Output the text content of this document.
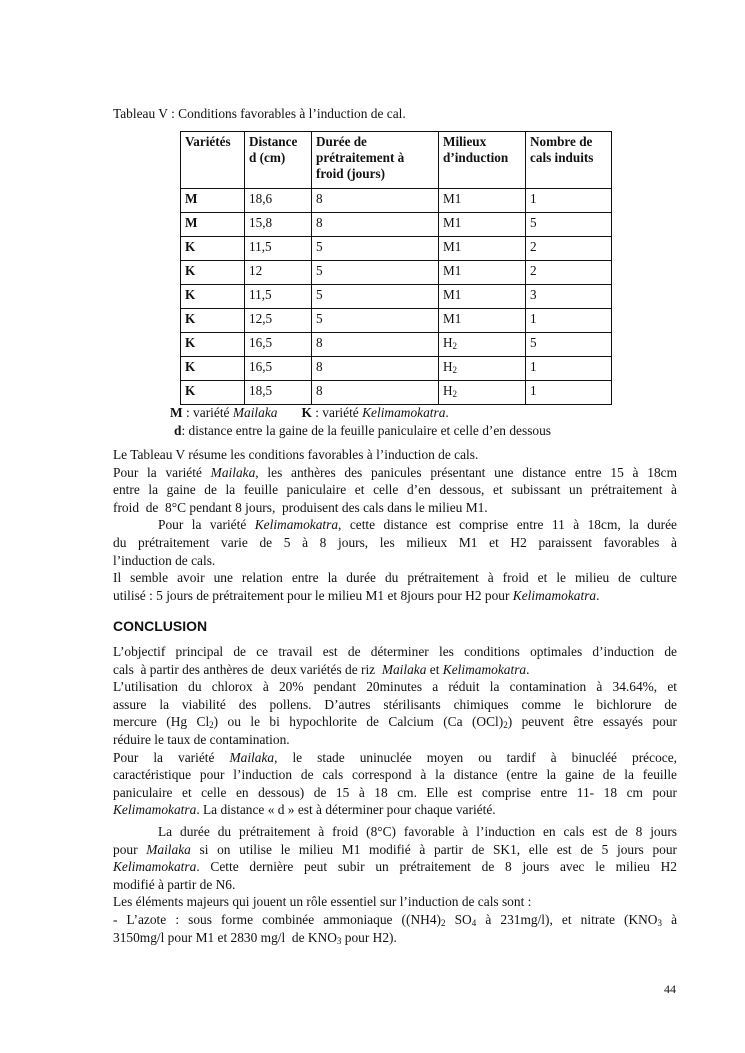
Tableau V : Conditions favorables à l’induction de cal.
Variétés	Distance d (cm)	Durée de prétraitement à froid (jours)	Milieux d’induction	Nombre de cals induits
M	18,6	8	M1	1
M	15,8	8	M1	5
K	11,5	5	M1	2
K	12	5	M1	2
K	11,5	5	M1	3
K	12,5	5	M1	1
K	16,5	8	$H_2$	5
K	16,5	8	$H_2$	1
K	18,5	8	$H_2$	1
M : variété Mailaka K : variété Kelimamokatra.
d: distance entre la gaine de la feuille paniculaire et celle d’en dessous
Le Tableau V résume les conditions favorables à l’induction de cals.
Pour la variété Mailaka, les anthères des panicules présentant une distance entre 15 à 18cm
entre la gaine de la feuille paniculaire et celle d’en dessous, et subissant un prétraitement à
froid  de  8°C pendant 8 jours,  produisent des cals dans le milieu M1.
Pour la variété Kelimamokatra, cette distance est comprise entre 11 à 18cm, la durée
du prétraitement varie de 5 à 8 jours, les milieux M1 et H2 paraissent favorables à
l’induction de cals.
Il semble avoir une relation entre la durée du prétraitement à froid et le milieu de culture
utilisé : 5 jours de prétraitement pour le milieu M1 et 8jours pour H2 pour Kelimamokatra.
CONCLUSION
L’objectif principal de ce travail est de déterminer les conditions optimales d’induction de
cals  à partir des anthères de  deux variétés de riz  Mailaka et Kelimamokatra.
L’utilisation du chlorox à 20% pendant 20minutes a réduit la contamination à 34.64%, et
assure la viabilité des pollens. D’autres stérilisants chimiques comme le bichlorure de
mercure (Hg $Cl_2$) ou le bi hypochlorite de Calcium (Ca $(OCl)_2$) peuvent être essayés pour
réduire le taux de contamination.
Pour la variété Mailaka, le stade uninuclée moyen ou tardif à binucléé précoce,
caractéristique pour l’induction de cals correspond à la distance (entre la gaine de la feuille
paniculaire et celle en dessous) de 15 à 18 cm. Elle est comprise entre 11- 18 cm pour
Kelimamokatra. La distance « d » est à déterminer pour chaque variété.
La durée du prétraitement à froid (8°C) favorable à l’induction en cals est de 8 jours
pour Mailaka si on utilise le milieu M1 modifié à partir de SK1, elle est de 5 jours pour
Kelimamokatra. Cette dernière peut subir un prétraitement de 8 jours avec le milieu H2
modifié à partir de N6.
Les éléments majeurs qui jouent un rôle essentiel sur l’induction de cals sont :
- L’azote : sous forme combinée ammoniaque ($(NH4)_2$ $SO_4$ à 231mg/l), et nitrate ($KNO_3$ à
3150mg/l pour M1 et 2830 mg/l  de $KNO_3$ pour H2).
44
